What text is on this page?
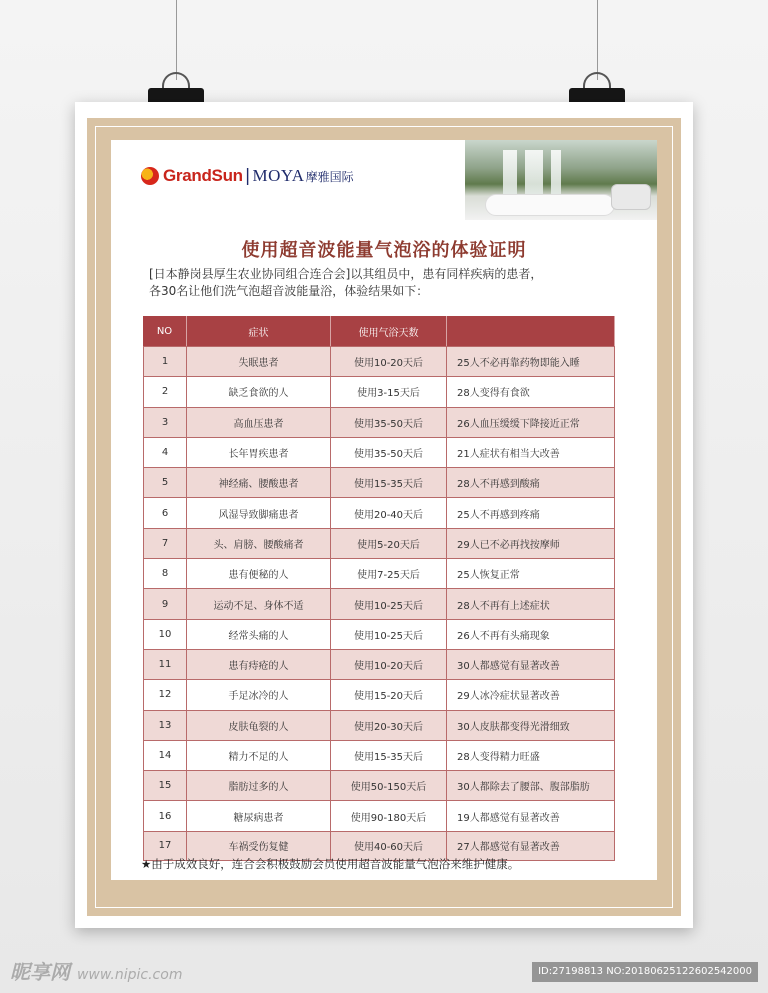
GrandSun | MOYA 摩雅国际
使用超音波能量气泡浴的体验证明
[日本静岗县厚生农业协同组合连合会]以其组员中，患有同样疾病的患者，
各30名让他们洗气泡超音波能量浴，体验结果如下：
NO	症状	使用气浴天数	
1	失眠患者	使用10-20天后	25人不必再靠药物即能入睡
2	缺乏食欲的人	使用3-15天后	28人变得有食欲
3	高血压患者	使用35-50天后	26人血压缓缓下降接近正常
4	长年胃疾患者	使用35-50天后	21人症状有相当大改善
5	神经痛、腰酸患者	使用15-35天后	28人不再感到酸痛
6	风湿导致脚痛患者	使用20-40天后	25人不再感到疼痛
7	头、肩膀、腰酸痛者	使用5-20天后	29人已不必再找按摩师
8	患有便秘的人	使用7-25天后	25人恢复正常
9	运动不足、身体不适	使用10-25天后	28人不再有上述症状
10	经常头痛的人	使用10-25天后	26人不再有头痛现象
11	患有痔疮的人	使用10-20天后	30人都感觉有显著改善
12	手足冰冷的人	使用15-20天后	29人冰冷症状显著改善
13	皮肤龟裂的人	使用20-30天后	30人皮肤都变得光滑细致
14	精力不足的人	使用15-35天后	28人变得精力旺盛
15	脂肪过多的人	使用50-150天后	30人都除去了腰部、腹部脂肪
16	糖尿病患者	使用90-180天后	19人都感觉有显著改善
17	车祸受伤复健	使用40-60天后	27人都感觉有显著改善
★由于成效良好，连合会积极鼓励会员使用超音波能量气泡浴来维护健康。
昵享网 www.nipic.com	ID:27198813 NO:20180625122602542000
